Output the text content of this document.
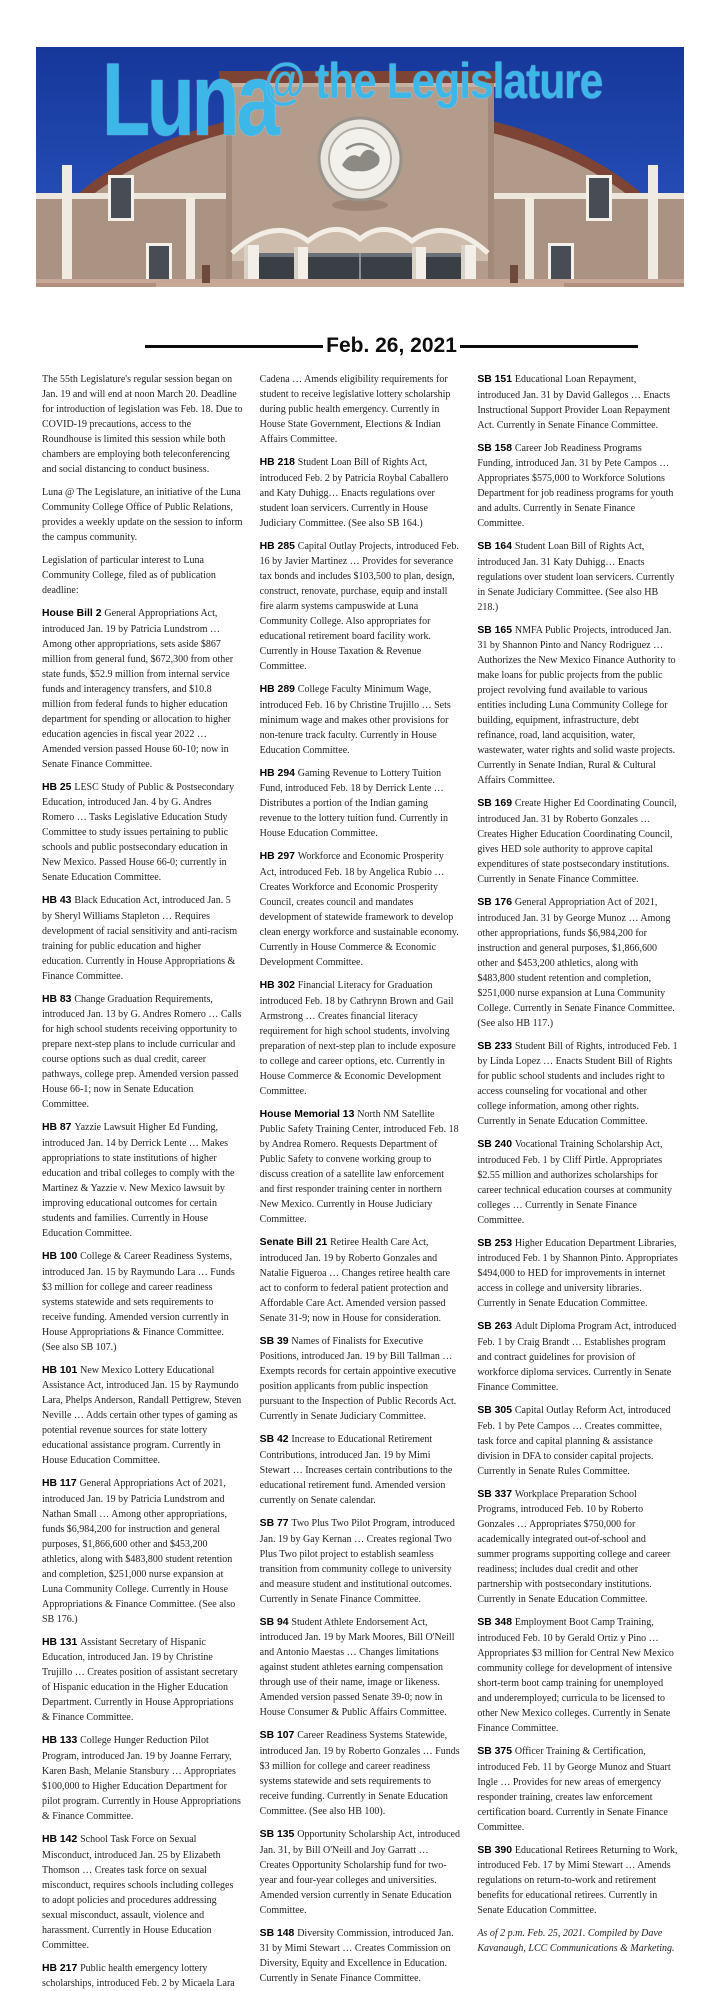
Luna
@ the Legislature
Feb. 26, 2021

The 55th Legislature's regular session began on Jan. 19 and will end at noon March 20. Deadline for introduction of legislation was Feb. 18. Due to COVID-19 precautions, access to the Roundhouse is limited this session while both chambers are employing both teleconferencing and social distancing to conduct business.

Luna @ The Legislature, an initiative of the Luna Community College Office of Public Relations, provides a weekly update on the session to inform the campus community.

Legislation of particular interest to Luna Community College, filed as of publication deadline:

House Bill 2 General Appropriations Act, introduced Jan. 19 by Patricia Lundstrom … Among other appropriations, sets aside $867 million from general fund, $672,300 from other state funds, $52.9 million from internal service funds and interagency transfers, and $10.8 million from federal funds to higher education department for spending or allocation to higher education agencies in fiscal year 2022 … Amended version passed House 60-10; now in Senate Finance Committee.

HB 25 LESC Study of Public & Postsecondary Education, introduced Jan. 4 by G. Andres Romero … Tasks Legislative Education Study Committee to study issues pertaining to public schools and public postsecondary education in New Mexico. Passed House 66-0; currently in Senate Education Committee.

HB 43 Black Education Act, introduced Jan. 5 by Sheryl Williams Stapleton … Requires development of racial sensitivity and anti-racism training for public education and higher education. Currently in House Appropriations & Finance Committee.

HB 83 Change Graduation Requirements, introduced Jan. 13 by G. Andres Romero … Calls for high school students receiving opportunity to prepare next-step plans to include curricular and course options such as dual credit, career pathways, college prep. Amended version passed House 66-1; now in Senate Education Committee.

HB 87 Yazzie Lawsuit Higher Ed Funding, introduced Jan. 14 by Derrick Lente … Makes appropriations to state institutions of higher education and tribal colleges to comply with the Martinez & Yazzie v. New Mexico lawsuit by improving educational outcomes for certain students and families. Currently in House Education Committee.

HB 100 College & Career Readiness Systems, introduced Jan. 15 by Raymundo Lara … Funds $3 million for college and career readiness systems statewide and sets requirements to receive funding. Amended version currently in House Appropriations & Finance Committee. (See also SB 107.)

HB 101 New Mexico Lottery Educational Assistance Act, introduced Jan. 15 by Raymundo Lara, Phelps Anderson, Randall Pettigrew, Steven Neville … Adds certain other types of gaming as potential revenue sources for state lottery educational assistance program. Currently in House Education Committee.

HB 117 General Appropriations Act of 2021, introduced Jan. 19 by Patricia Lundstrom and Nathan Small … Among other appropriations, funds $6,984,200 for instruction and general purposes, $1,866,600 other and $453,200 athletics, along with $483,800 student retention and completion, $251,000 nurse expansion at Luna Community College. Currently in House Appropriations & Finance Committee. (See also SB 176.)

HB 131 Assistant Secretary of Hispanic Education, introduced Jan. 19 by Christine Trujillo … Creates position of assistant secretary of Hispanic education in the Higher Education Department. Currently in House Appropriations & Finance Committee.

HB 133 College Hunger Reduction Pilot Program, introduced Jan. 19 by Joanne Ferrary, Karen Bash, Melanie Stansbury … Appropriates $100,000 to Higher Education Department for pilot program. Currently in House Appropriations & Finance Committee.

HB 142 School Task Force on Sexual Misconduct, introduced Jan. 25 by Elizabeth Thomson … Creates task force on sexual misconduct, requires schools including colleges to adopt policies and procedures addressing sexual misconduct, assault, violence and harassment. Currently in House Education Committee.

HB 217 Public health emergency lottery scholarships, introduced Feb. 2 by Micaela Lara Cadena … Amends eligibility requirements for student to receive legislative lottery scholarship during public health emergency. Currently in House State Government, Elections & Indian Affairs Committee.

HB 218 Student Loan Bill of Rights Act, introduced Feb. 2 by Patricia Roybal Caballero and Katy Duhigg… Enacts regulations over student loan servicers. Currently in House Judiciary Committee. (See also SB 164.)

HB 285 Capital Outlay Projects, introduced Feb. 16 by Javier Martinez … Provides for severance tax bonds and includes $103,500 to plan, design, construct, renovate, purchase, equip and install fire alarm systems campuswide at Luna Community College. Also appropriates for educational retirement board facility work. Currently in House Taxation & Revenue Committee.

HB 289 College Faculty Minimum Wage, introduced Feb. 16 by Christine Trujillo … Sets minimum wage and makes other provisions for non-tenure track faculty. Currently in House Education Committee.

HB 294 Gaming Revenue to Lottery Tuition Fund, introduced Feb. 18 by Derrick Lente … Distributes a portion of the Indian gaming revenue to the lottery tuition fund. Currently in House Education Committee.

HB 297 Workforce and Economic Prosperity Act, introduced Feb. 18 by Angelica Rubio … Creates Workforce and Economic Prosperity Council, creates council and mandates development of statewide framework to develop clean energy workforce and sustainable economy. Currently in House Commerce & Economic Development Committee.

HB 302 Financial Literacy for Graduation introduced Feb. 18 by Cathrynn Brown and Gail Armstrong … Creates financial literacy requirement for high school students, involving preparation of next-step plan to include exposure to college and career options, etc. Currently in House Commerce & Economic Development Committee.

House Memorial 13 North NM Satellite Public Safety Training Center, introduced Feb. 18 by Andrea Romero. Requests Department of Public Safety to convene working group to discuss creation of a satellite law enforcement and first responder training center in northern New Mexico. Currently in House Judiciary Committee.

Senate Bill 21 Retiree Health Care Act, introduced Jan. 19 by Roberto Gonzales and Natalie Figueroa … Changes retiree health care act to conform to federal patient protection and Affordable Care Act. Amended version passed Senate 31-9; now in House for consideration.

SB 39 Names of Finalists for Executive Positions, introduced Jan. 19 by Bill Tallman … Exempts records for certain appointive executive position applicants from public inspection pursuant to the Inspection of Public Records Act. Currently in Senate Judiciary Committee.

SB 42 Increase to Educational Retirement Contributions, introduced Jan. 19 by Mimi Stewart … Increases certain contributions to the educational retirement fund. Amended version currently on Senate calendar.

SB 77 Two Plus Two Pilot Program, introduced Jan. 19 by Gay Kernan … Creates regional Two Plus Two pilot project to establish seamless transition from community college to university and measure student and institutional outcomes. Currently in Senate Finance Committee.

SB 94 Student Athlete Endorsement Act, introduced Jan. 19 by Mark Moores, Bill O'Neill and Antonio Maestas … Changes limitations against student athletes earning compensation through use of their name, image or likeness. Amended version passed Senate 39-0; now in House Consumer & Public Affairs Committee.

SB 107 Career Readiness Systems Statewide, introduced Jan. 19 by Roberto Gonzales … Funds $3 million for college and career readiness systems statewide and sets requirements to receive funding. Currently in Senate Education Committee. (See also HB 100).

SB 135 Opportunity Scholarship Act, introduced Jan. 31, by Bill O'Neill and Joy Garratt … Creates Opportunity Scholarship fund for two-year and four-year colleges and universities. Amended version currently in Senate Education Committee.

SB 148 Diversity Commission, introduced Jan. 31 by Mimi Stewart … Creates Commission on Diversity, Equity and Excellence in Education. Currently in Senate Finance Committee.

SB 151 Educational Loan Repayment, introduced Jan. 31 by David Gallegos … Enacts Instructional Support Provider Loan Repayment Act. Currently in Senate Finance Committee.

SB 158 Career Job Readiness Programs Funding, introduced Jan. 31 by Pete Campos … Appropriates $575,000 to Workforce Solutions Department for job readiness programs for youth and adults. Currently in Senate Finance Committee.

SB 164 Student Loan Bill of Rights Act, introduced Jan. 31 Katy Duhigg… Enacts regulations over student loan servicers. Currently in Senate Judiciary Committee. (See also HB 218.)

SB 165 NMFA Public Projects, introduced Jan. 31 by Shannon Pinto and Nancy Rodriguez … Authorizes the New Mexico Finance Authority to make loans for public projects from the public project revolving fund available to various entities including Luna Community College for building, equipment, infrastructure, debt refinance, road, land acquisition, water, wastewater, water rights and solid waste projects. Currently in Senate Indian, Rural & Cultural Affairs Committee.

SB 169 Create Higher Ed Coordinating Council, introduced Jan. 31 by Roberto Gonzales … Creates Higher Education Coordinating Council, gives HED sole authority to approve capital expenditures of state postsecondary institutions. Currently in Senate Finance Committee.

SB 176 General Appropriation Act of 2021, introduced Jan. 31 by George Munoz … Among other appropriations, funds $6,984,200 for instruction and general purposes, $1,866,600 other and $453,200 athletics, along with $483,800 student retention and completion, $251,000 nurse expansion at Luna Community College. Currently in Senate Finance Committee. (See also HB 117.)

SB 233 Student Bill of Rights, introduced Feb. 1 by Linda Lopez … Enacts Student Bill of Rights for public school students and includes right to access counseling for vocational and other college information, among other rights. Currently in Senate Education Committee.

SB 240 Vocational Training Scholarship Act, introduced Feb. 1 by Cliff Pirtle. Appropriates $2.55 million and authorizes scholarships for career technical education courses at community colleges … Currently in Senate Finance Committee.

SB 253 Higher Education Department Libraries, introduced Feb. 1 by Shannon Pinto. Appropriates $494,000 to HED for improvements in internet access in college and university libraries. Currently in Senate Education Committee.

SB 263 Adult Diploma Program Act, introduced Feb. 1 by Craig Brandt … Establishes program and contract guidelines for provision of workforce diploma services. Currently in Senate Finance Committee.

SB 305 Capital Outlay Reform Act, introduced Feb. 1 by Pete Campos … Creates committee, task force and capital planning & assistance division in DFA to consider capital projects. Currently in Senate Rules Committee.

SB 337 Workplace Preparation School Programs, introduced Feb. 10 by Roberto Gonzales … Appropriates $750,000 for academically integrated out-of-school and summer programs supporting college and career readiness; includes dual credit and other partnership with postsecondary institutions. Currently in Senate Education Committee.

SB 348 Employment Boot Camp Training, introduced Feb. 10 by Gerald Ortiz y Pino … Appropriates $3 million for Central New Mexico community college for development of intensive short-term boot camp training for unemployed and underemployed; curricula to be licensed to other New Mexico colleges. Currently in Senate Finance Committee.

SB 375 Officer Training & Certification, introduced Feb. 11 by George Munoz and Stuart Ingle … Provides for new areas of emergency responder training, creates law enforcement certification board. Currently in Senate Finance Committee.

SB 390 Educational Retirees Returning to Work, introduced Feb. 17 by Mimi Stewart … Amends regulations on return-to-work and retirement benefits for educational retirees. Currently in Senate Education Committee.

As of 2 p.m. Feb. 25, 2021. Compiled by Dave Kavanaugh, LCC Communications & Marketing.
